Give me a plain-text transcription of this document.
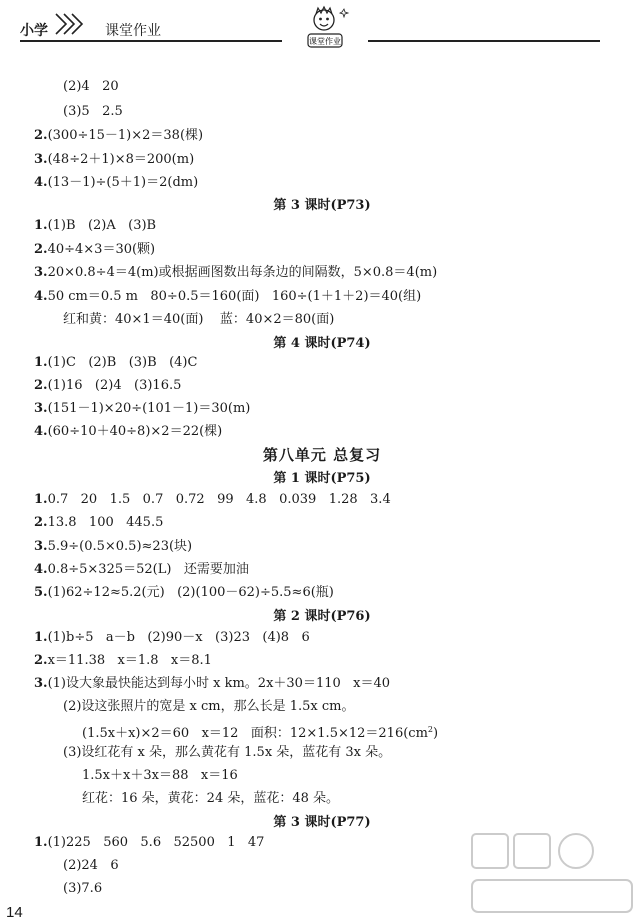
小学	课堂作业
课堂作业
(2)4   20
(3)5   2.5
2.(300÷15－1)×2＝38(棵)
3.(48÷2＋1)×8＝200(m)
4.(13－1)÷(5＋1)＝2(dm)
第 3 课时(P73)
1.(1)B   (2)A   (3)B
2.40÷4×3＝30(颗)
3.20×0.8÷4＝4(m)或根据画图数出每条边的间隔数，5×0.8＝4(m)
4.50 cm＝0.5 m   80÷0.5＝160(面)   160÷(1＋1＋2)＝40(组)
红和黄：40×1＝40(面)    蓝：40×2＝80(面)
第 4 课时(P74)
1.(1)C   (2)B   (3)B   (4)C
2.(1)16   (2)4   (3)16.5
3.(151－1)×20÷(101－1)＝30(m)
4.(60÷10＋40÷8)×2＝22(棵)
第八单元 总复习
第 1 课时(P75)
1.0.7   20   1.5   0.7   0.72   99   4.8   0.039   1.28   3.4
2.13.8   100   445.5
3.5.9÷(0.5×0.5)≈23(块)
4.0.8÷5×325＝52(L)   还需要加油
5.(1)62÷12≈5.2(元)   (2)(100－62)÷5.5≈6(瓶)
第 2 课时(P76)
1.(1)b÷5   a－b   (2)90－x   (3)23   (4)8   6
2.x＝11.38   x＝1.8   x＝8.1
3.(1)设大象最快能达到每小时 x km。2x＋30＝110   x＝40
(2)设这张照片的宽是 x cm，那么长是 1.5x cm。
(1.5x＋x)×2＝60   x＝12   面积：$12\times 1.5\times 12=216(cm^2)$
(3)设红花有 x 朵，那么黄花有 1.5x 朵，蓝花有 3x 朵。
1.5x＋x＋3x＝88   x＝16
红花：16 朵，黄花：24 朵，蓝花：48 朵。
第 3 课时(P77)
1.(1)225   560   5.6   52500   1   47
(2)24   6
(3)7.6
14
